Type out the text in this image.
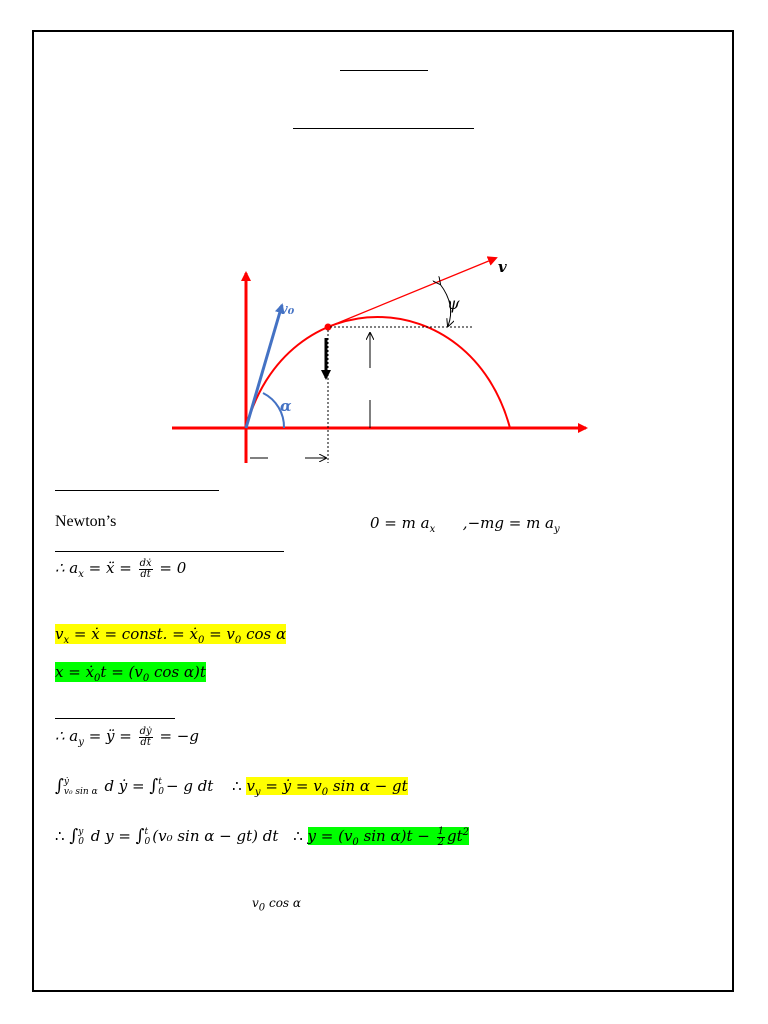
v
v₀
α
ψ
Newton’s	0 = m $a_x$ ,−mg = m $a_y$
∴ $a_x$ = ẍ = $\frac{\text{dẋ}}{dt} = 0$
$v_x$ = ẋ = const. = ẋ$_0$ = $v_0$ cos α
x = ẋ$_0$t = ($v_0$ cos α)t
∴ $a_y$ = ÿ = $\frac{\text{dẏ}}{dt} = -g$
∫ ẏ
v₀ sin α d ẏ = ∫ t
0 − g dt ∴ $v_y$ = ẏ = $v_0$ sin α − gt
∴ ∫ y
0 d y = ∫ t
0 (v₀ sin α − gt) dt ∴ $y = (v_0$ $\sin \alpha)t - \frac{1}{2} gt^2$
$v_0$ cos α
